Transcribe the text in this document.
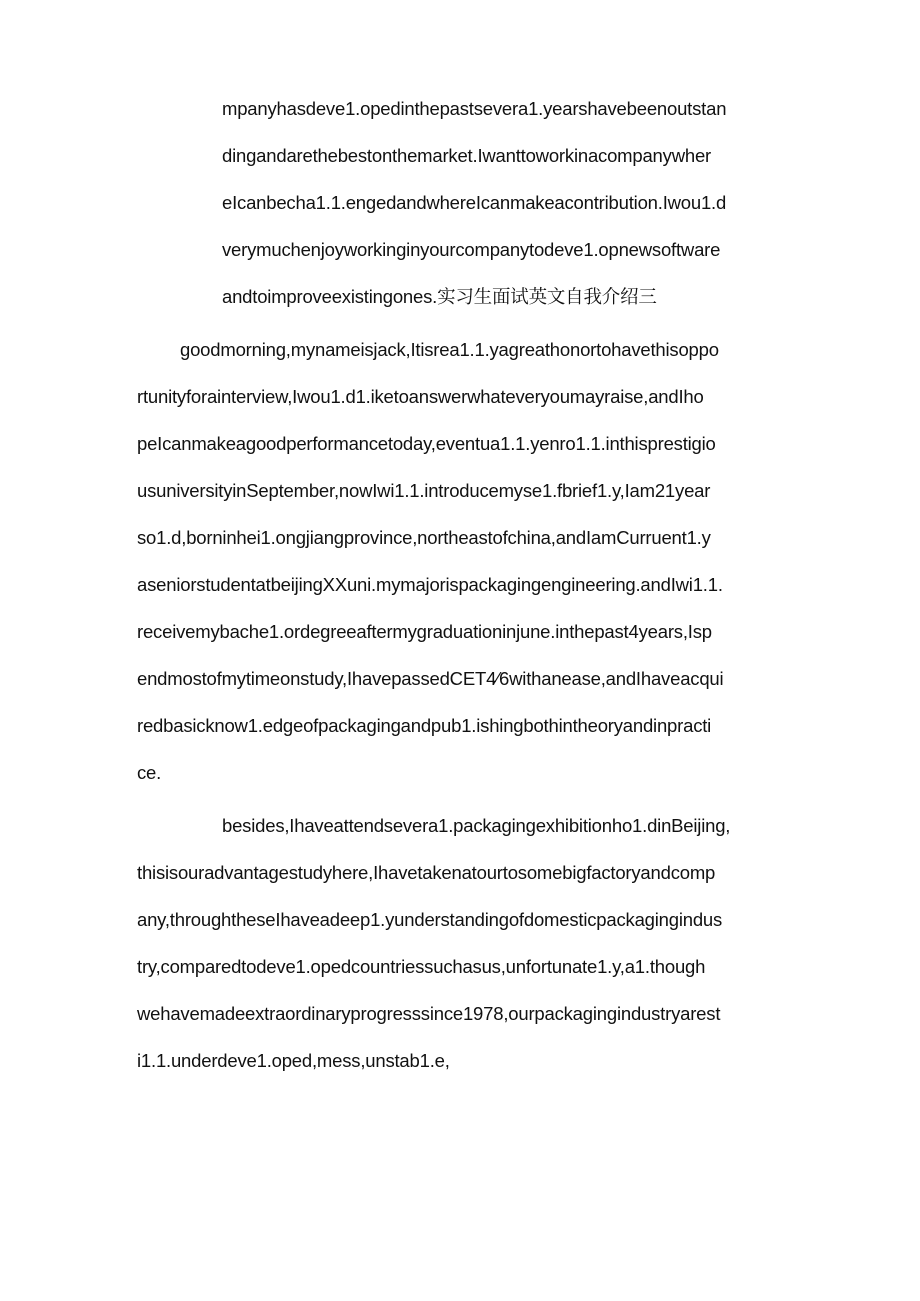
mpanyhasdeve1.opedinthepastsevera1.yearshavebeenoutstan
dingandarethebestonthemarket.Iwanttoworkinacompanywher
eIcanbecha1.1.engedandwhereIcanmakeacontribution.Iwou1.d
verymuchenjoyworkinginyourcompanytodeve1.opnewsoftware
andtoimproveexistingones.实习生面试英文自我介绍三
goodmorning,mynameisjack,Itisrea1.1.yagreathonortohavethisoppo
rtunityforainterview,Iwou1.d1.iketoanswerwhateveryoumayraise,andIho
peIcanmakeagoodperformancetoday,eventua1.1.yenro1.1.inthisprestigio
usuniversityinSeptember,nowIwi1.1.introducemyse1.fbrief1.y,Iam21year
so1.d,borninhei1.ongjiangprovince,northeastofchina,andIamCurruent1.y
aseniorstudentatbeijingXXuni.mymajorispackagingengineering.andIwi1.1.
receivemybache1.ordegreeaftermygraduationinjune.inthepast4years,Isp
endmostofmytimeonstudy,IhavepassedCET4⁄6withanease,andIhaveacqui
redbasicknow1.edgeofpackagingandpub1.ishingbothintheoryandinpracti
ce.
besides,Ihaveattendsevera1.packagingexhibitionho1.dinBeijing,
thisisouradvantagestudyhere,Ihavetakenatourtosomebigfactoryandcomp
any,throughtheseIhaveadeep1.yunderstandingofdomesticpackagingindus
try,comparedtodeve1.opedcountriessuchasus,unfortunate1.y,a1.though
wehavemadeextraordinaryprogresssince1978,ourpackagingindustryarest
i1.1.underdeve1.oped,mess,unstab1.e,
